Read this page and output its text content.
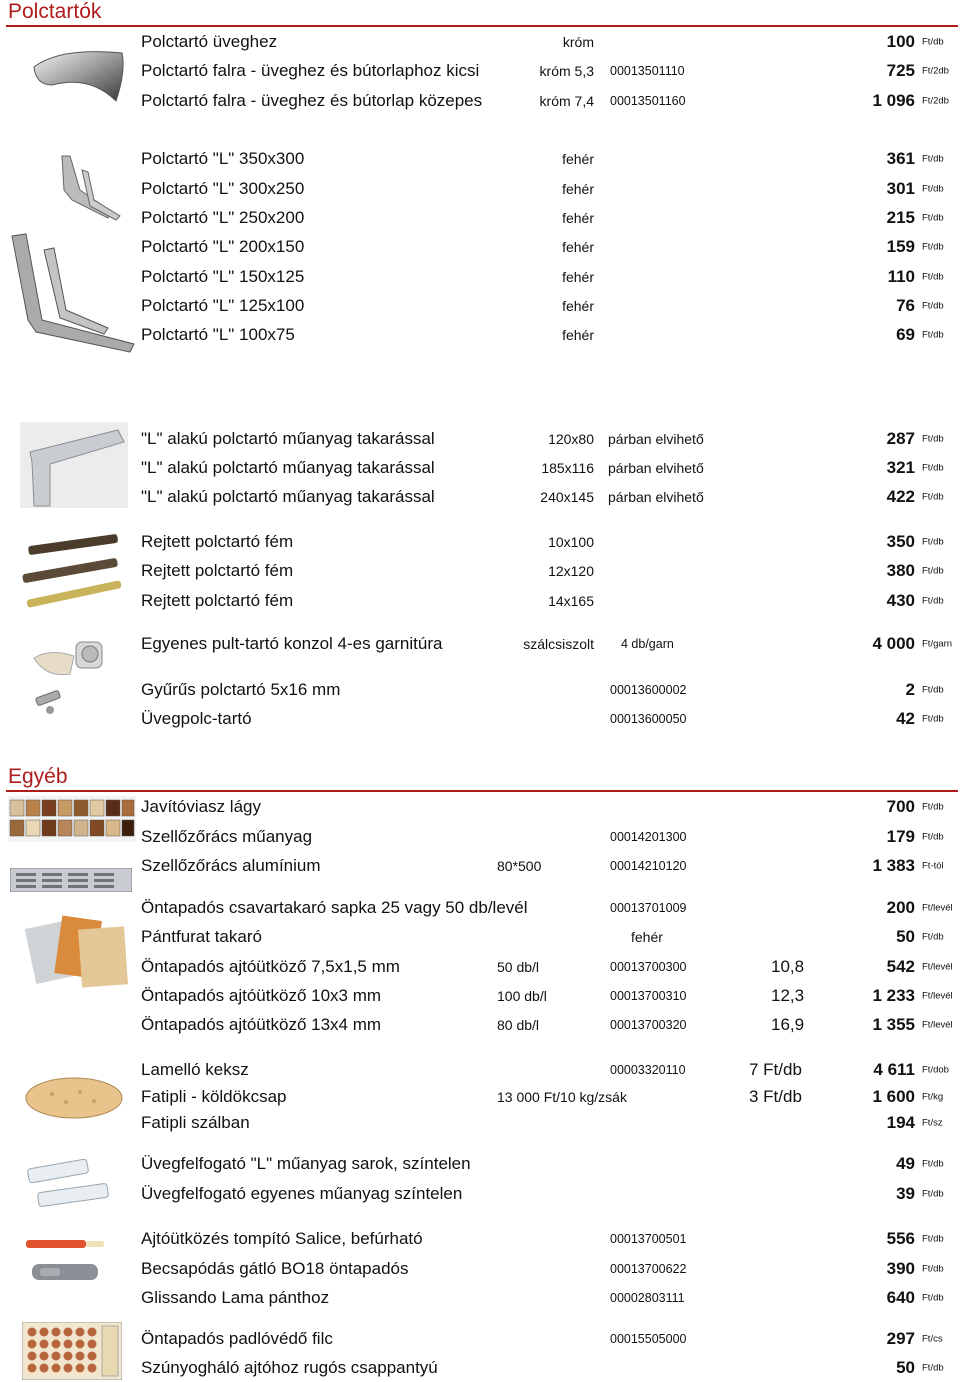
Polctartók
Egyéb
Polctartó üveghez	króm	100 Ft/db
Polctartó falra - üveghez és bútorlaphoz kicsi	króm 5,3 00013501110	725 Ft/2db
Polctartó falra - üveghez és bútorlap közepes	króm 7,4 00013501160	1 096 Ft/2db
Polctartó "L" 350x300	fehér	361 Ft/db
Polctartó "L" 300x250	fehér	301 Ft/db
Polctartó "L" 250x200	fehér	215 Ft/db
Polctartó "L" 200x150	fehér	159 Ft/db
Polctartó "L" 150x125	fehér	110 Ft/db
Polctartó "L" 125x100	fehér	76 Ft/db
Polctartó "L" 100x75	fehér	69 Ft/db
"L" alakú polctartó műanyag takarással	120x80 párban elvihető	287 Ft/db
"L" alakú polctartó műanyag takarással	185x116 párban elvihető	321 Ft/db
"L" alakú polctartó műanyag takarással	240x145 párban elvihető	422 Ft/db
Rejtett polctartó fém	10x100	350 Ft/db
Rejtett polctartó fém	12x120	380 Ft/db
Rejtett polctartó fém	14x165	430 Ft/db
Egyenes pult-tartó konzol 4-es garnitúra	szálcsiszolt 4 db/garn	4 000 Ft/garn
Gyűrűs polctartó 5x16 mm	00013600002	2 Ft/db
Üvegpolc-tartó	00013600050	42 Ft/db
Javítóviasz lágy	700 Ft/db
Szellőzőrács műanyag	00014201300	179 Ft/db
Szellőzőrács alumínium	80*500	00014210120	1 383 Ft-tól
Öntapadós csavartakaró sapka 25 vagy 50 db/levél	00013701009	200 Ft/levél
Pántfurat takaró	fehér	50 Ft/db
Öntapadós ajtóütköző 7,5x1,5 mm	50 db/l	00013700300	10,8	542 Ft/levél
Öntapadós ajtóütköző 10x3 mm	100 db/l	00013700310	12,3	1 233 Ft/levél
Öntapadós ajtóütköző 13x4 mm	80 db/l	00013700320	16,9	1 355 Ft/levél
Lamelló keksz	00003320110	7 Ft/db	4 611 Ft/dob
Fatipli - köldökcsap	13 000 Ft/10 kg/zsák	3 Ft/db	1 600 Ft/kg
Fatipli szálban	194 Ft/sz
Üvegfelfogató "L" műanyag sarok, színtelen	49 Ft/db
Üvegfelfogató egyenes műanyag színtelen	39 Ft/db
Ajtóütközés tompító Salice, befúrható	00013700501	556 Ft/db
Becsapódás gátló BO18 öntapadós	00013700622	390 Ft/db
Glissando Lama pánthoz	00002803111	640 Ft/db
Öntapadós padlóvédő filc	00015505000	297 Ft/cs
Szúnyogháló ajtóhoz rugós csappantyú	50 Ft/db
